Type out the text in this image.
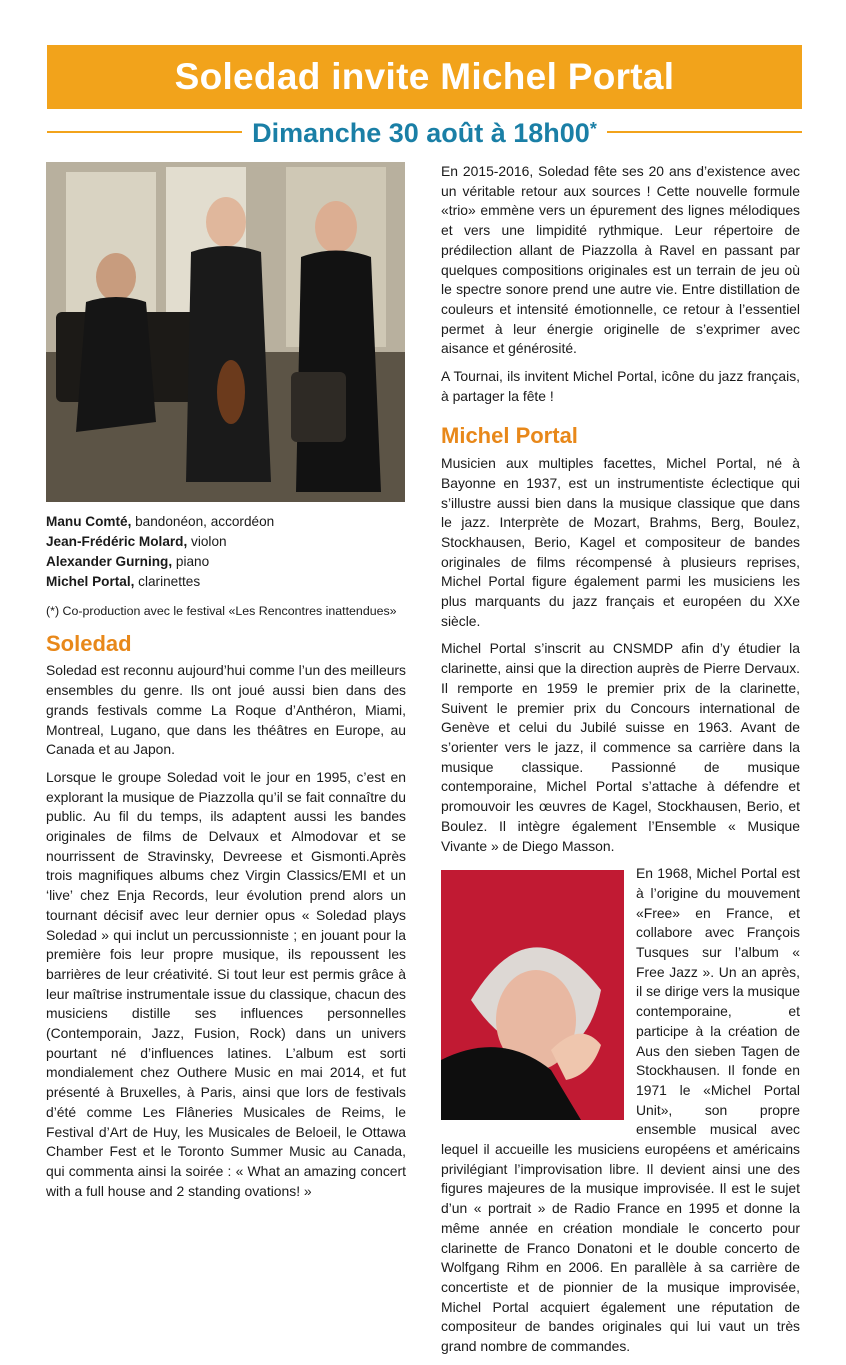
Soledad invite Michel Portal
Dimanche 30 août à 18h00*
Manu Comté, bandonéon, accordéon
Jean-Frédéric Molard, violon
Alexander Gurning, piano
Michel Portal, clarinettes
(*) Co-production avec le festival «Les Rencontres inattendues»
Soledad

Soledad est reconnu aujourd’hui comme l’un des meilleurs ensembles du genre. Ils ont joué aussi bien dans des grands festivals comme La Roque d’Anthéron, Miami, Montreal, Lugano, que dans les théâtres en Europe, au Canada et au Japon.

Lorsque le groupe Soledad voit le jour en 1995, c’est en explorant la musique de Piazzolla qu’il se fait connaître du public. Au fil du temps, ils adaptent aussi les bandes originales de films de Delvaux et Almodovar et se nourrissent de Stravinsky, Devreese et Gismonti.Après trois magnifiques albums chez Virgin Classics/EMI et un ‘live’ chez Enja Records, leur évolution prend alors un tournant décisif avec leur dernier opus « Soledad plays Soledad » qui inclut un percussionniste ; en jouant pour la première fois leur propre musique, ils repoussent les barrières de leur créativité. Si tout leur est permis grâce à leur maîtrise instrumentale issue du classique, chacun des musiciens distille ses influences personnelles (Contemporain, Jazz, Fusion, Rock) dans un univers pourtant né d’influences latines. L’album est sorti mondialement chez Outhere Music en mai 2014, et fut présenté à Bruxelles, à Paris, ainsi que lors de festivals d’été comme Les Flâneries Musicales de Reims, le Festival d’Art de Huy, les Musicales de Beloeil, le Ottawa Chamber Fest et le Toronto Summer Music au Canada, qui commenta ainsi la soirée : « What an amazing concert with a full house and 2 standing ovations! »

En 2015-2016, Soledad fête ses 20 ans d’existence avec un véritable retour aux sources ! Cette nouvelle formule «trio» emmène vers un épurement des lignes mélodiques et vers une limpidité rythmique. Leur répertoire de prédilection allant de Piazzolla à Ravel en passant par quelques compositions originales est un terrain de jeu où le spectre sonore prend une autre vie. Entre distillation de couleurs et intensité émotionnelle, ce retour à l’essentiel permet à leur énergie originelle de s’exprimer avec aisance et générosité.

A Tournai, ils invitent Michel Portal, icône du jazz français, à partager la fête !

Michel Portal

Musicien aux multiples facettes, Michel Portal, né à Bayonne en 1937, est un instrumentiste éclectique qui s’illustre aussi bien dans la musique classique que dans le jazz. Interprète de Mozart, Brahms, Berg, Boulez, Stockhausen, Berio, Kagel et compositeur de bandes originales de films récompensé à plusieurs reprises, Michel Portal figure également parmi les musiciens les plus marquants du jazz français et européen du XXe siècle.

Michel Portal s’inscrit au CNSMDP afin d’y étudier la clarinette, ainsi que la direction auprès de Pierre Dervaux. Il remporte en 1959 le premier prix de la clarinette, Suivent le premier prix du Concours international de Genève et celui du Jubilé suisse en 1963. Avant de s’orienter vers le jazz, il commence sa carrière dans la musique classique. Passionné de musique contemporaine, Michel Portal s’attache à défendre et promouvoir les œuvres de Kagel, Stockhausen, Berio, et Boulez. Il intègre également l’Ensemble « Musique Vivante » de Diego Masson.

En 1968, Michel Portal est à l’origine du mouvement «Free» en France, et collabore avec François Tusques sur l’album « Free Jazz ». Un an après, il se dirige vers la musique contemporaine, et participe à la création de Aus den sieben Tagen de Stockhausen. Il fonde en 1971 le «Michel Portal Unit», son propre ensemble musical avec lequel il accueille les musiciens européens et américains privilégiant l’improvisation libre. Il devient ainsi une des figures majeures de la musique improvisée. Il est le sujet d’un « portrait » de Radio France en 1995 et donne la même année en création mondiale le concerto pour clarinette de Franco Donatoni et le double concerto de Wolfgang Rihm en 2006. En parallèle à sa carrière de concertiste et de pionnier de la musique improvisée, Michel Portal acquiert également une réputation de compositeur de bandes originales qui lui vaut un très grand nombre de commandes.
